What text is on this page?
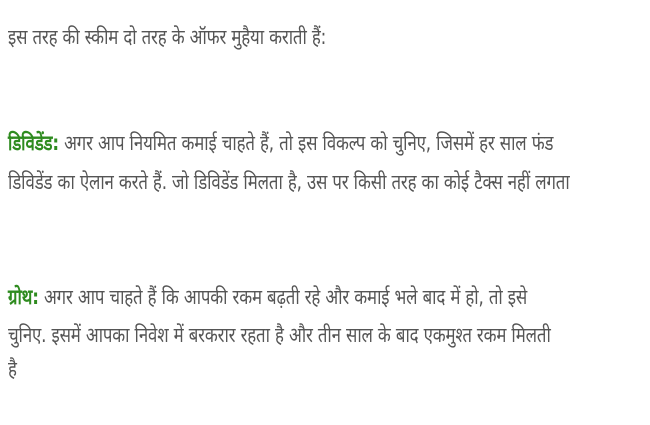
इस तरह की स्कीम दो तरह के ऑफर मुहैया कराती हैं:
डिविडेंड: अगर आप नियमित कमाई चाहते हैं, तो इस विकल्प को चुनिए, जिसमें हर साल फंड
डिविडेंड का ऐलान करते हैं. जो डिविडेंड मिलता है, उस पर किसी तरह का कोई टैक्स नहीं लगता
ग्रोथ: अगर आप चाहते हैं कि आपकी रकम बढ़ती रहे और कमाई भले बाद में हो, तो इसे
चुनिए. इसमें आपका निवेश में बरकरार रहता है और तीन साल के बाद एकमुश्त रकम मिलती
है
